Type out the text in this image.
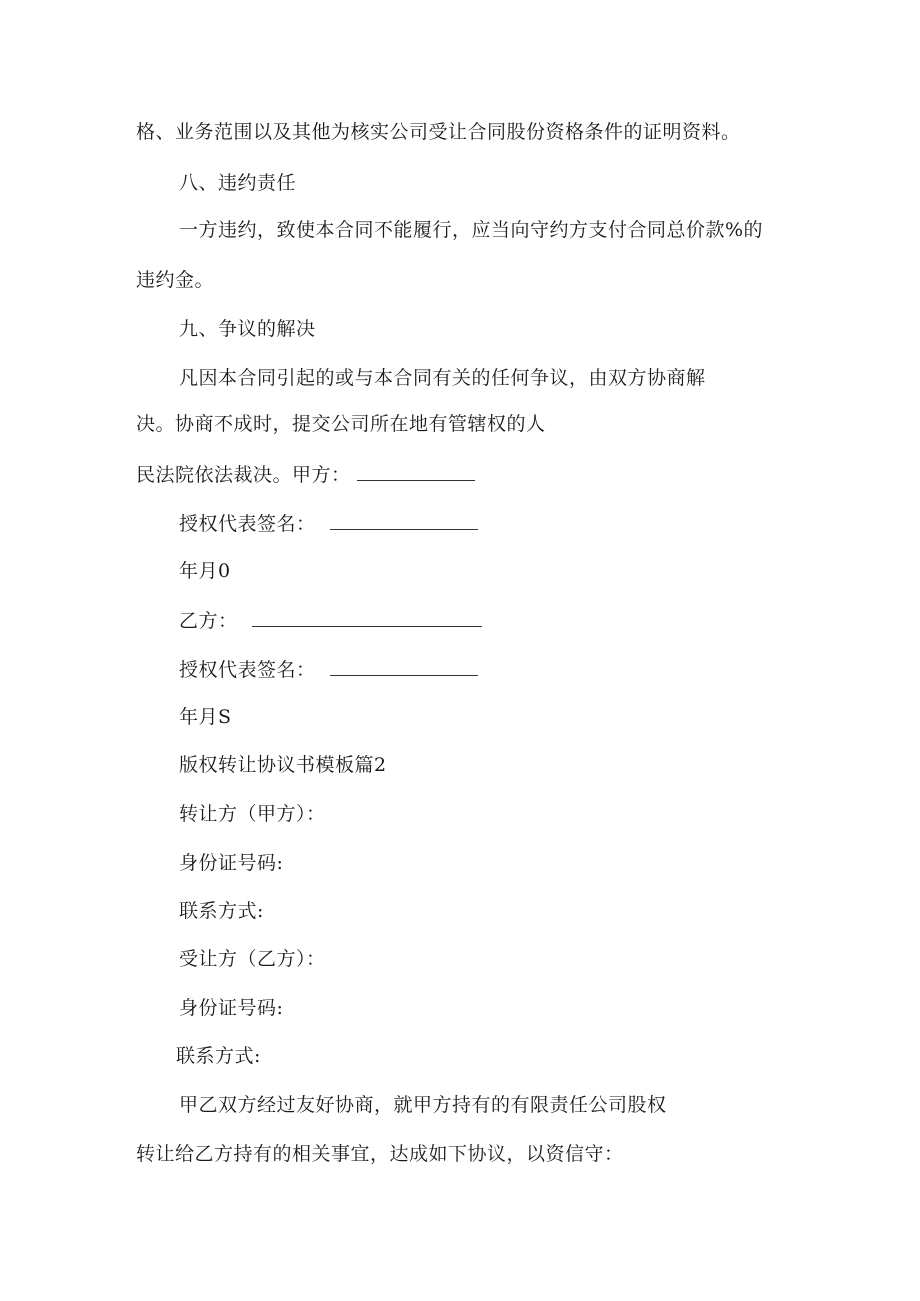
格、业务范围以及其他为核实公司受让合同股份资格条件的证明资料。
八、违约责任
一方违约，致使本合同不能履行，应当向守约方支付合同总价款%的
违约金。
九、争议的解决
凡因本合同引起的或与本合同有关的任何争议，由双方协商解
决。协商不成时，提交公司所在地有管辖权的人
民法院依法裁决。甲方：
授权代表签名：
年月0
乙方：
授权代表签名：
年月S
版权转让协议书模板篇2
转让方（甲方）：
身份证号码:
联系方式:
受让方（乙方）：
身份证号码:
联系方式:
甲乙双方经过友好协商，就甲方持有的有限责任公司股权
转让给乙方持有的相关事宜，达成如下协议，以资信守：
